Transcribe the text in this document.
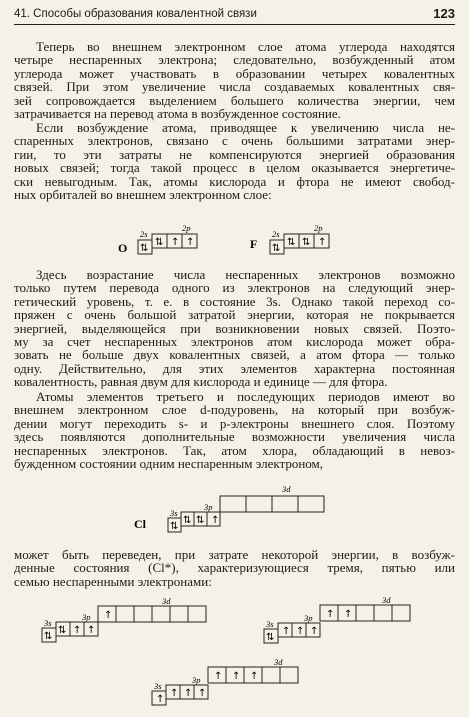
41. Способы образования ковалентной связи	123

Теперь во внешнем электронном слое атома углерода находятся
четыре неспаренных электрона; следовательно, возбужденный атом
углерода может участвовать в образовании четырех ковалентных
связей. При этом увеличение числа создаваемых ковалентных свя-
зей сопровождается выделением большего количества энергии, чем
затрачивается на перевод атома в возбужденное состояние.

Если возбуждение атома, приводящее к увеличению числа не-
спаренных электронов, связано с очень большими затратами энер-
гии, то эти затраты не компенсируются энергией образования
новых связей; тогда такой процесс в целом оказывается энергетиче-
ски невыгодным. Так, атомы кислорода и фтора не имеют свобод-
ных орбиталей во внешнем электронном слое:

O
2s
2p
⇅
⇅ ↑ ↑	F
2s
2p
⇅
⇅ ⇅ ↑

Здесь возрастание числа неспаренных электронов возможно
только путем перевода одного из электронов на следующий энер-
гетический уровень, т. е. в состояние 3s. Однако такой переход со-
пряжен с очень большой затратой энергии, которая не покрывается
энергией, выделяющейся при возникновении новых связей. Поэто-
му за счет неспаренных электронов атом кислорода может обра-
зовать не больше двух ковалентных связей, а атом фтора — только
одну. Действительно, для этих элементов характерна постоянная
ковалентность, равная двум для кислорода и единице — для фтора.

Атомы элементов третьего и последующих периодов имеют во
внешнем электронном слое d-подуровень, на который при возбуж-
дении могут переходить s- и p-электроны внешнего слоя. Поэтому
здесь появляются дополнительные возможности увеличения числа
неспаренных электронов. Так, атом хлора, обладающий в невоз-
бужденном состоянии одним неспаренным электроном,

Cl
3s
3p
3d
⇅
⇅ ⇅ ↑

может быть переведен, при затрате некоторой энергии, в возбуж-
денные состояния (Cl*), характеризующиеся тремя, пятью или
семью неспаренными электронами:

3s
3p
3d
⇅
⇅ ↑ ↑
↑
3s
3p
3d
⇅
↑ ↑ ↑
↑ ↑
3s
3p
3d
↑
↑ ↑ ↑
↑ ↑ ↑
